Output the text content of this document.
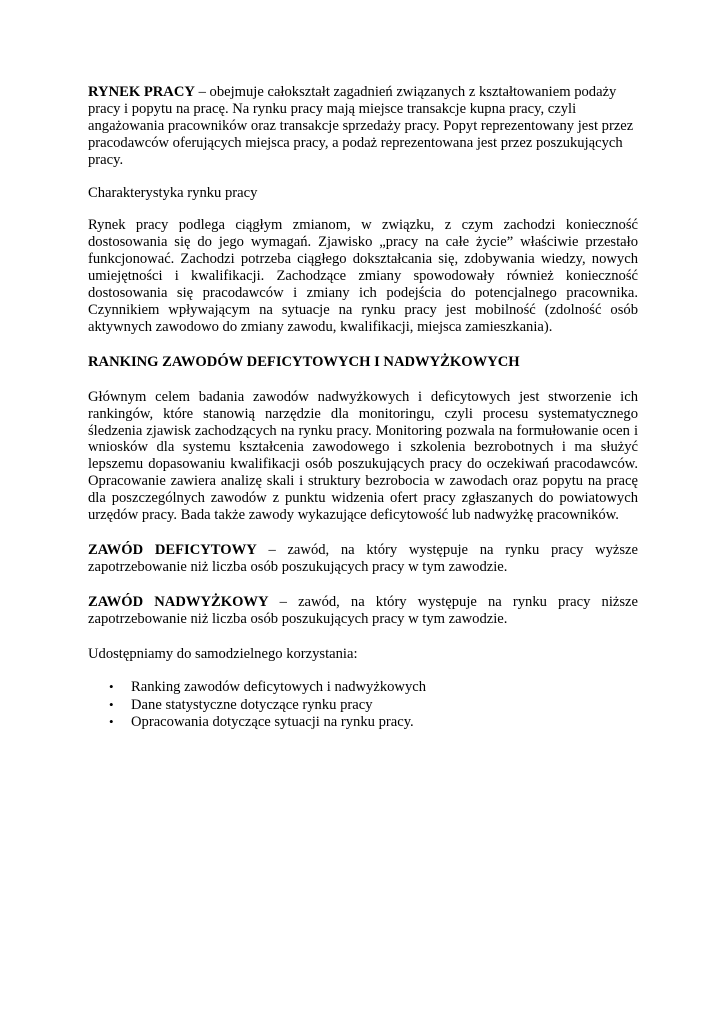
RYNEK PRACY – obejmuje całokształt zagadnień związanych z kształtowaniem podaży pracy i popytu na pracę. Na rynku pracy mają miejsce transakcje kupna pracy, czyli angażowania pracowników oraz transakcje sprzedaży pracy. Popyt reprezentowany jest przez pracodawców oferujących miejsca pracy, a podaż reprezentowana jest przez poszukujących pracy.

Charakterystyka rynku pracy

Rynek pracy podlega ciągłym zmianom, w związku, z czym zachodzi konieczność dostosowania się do jego wymagań. Zjawisko „pracy na całe życie” właściwie przestało funkcjonować. Zachodzi potrzeba ciągłego dokształcania się, zdobywania wiedzy, nowych umiejętności i kwalifikacji. Zachodzące zmiany spowodowały również konieczność dostosowania się pracodawców i zmiany ich podejścia do potencjalnego pracownika. Czynnikiem wpływającym na sytuacje na rynku pracy jest mobilność (zdolność osób aktywnych zawodowo do zmiany zawodu, kwalifikacji, miejsca zamieszkania).

RANKING ZAWODÓW DEFICYTOWYCH I NADWYŻKOWYCH

Głównym celem badania zawodów nadwyżkowych i deficytowych jest stworzenie ich rankingów, które stanowią narzędzie dla monitoringu, czyli procesu systematycznego śledzenia zjawisk zachodzących na rynku pracy. Monitoring pozwala na formułowanie ocen i wniosków dla systemu kształcenia zawodowego i szkolenia bezrobotnych i ma służyć lepszemu dopasowaniu kwalifikacji osób poszukujących pracy do oczekiwań pracodawców. Opracowanie zawiera analizę skali i struktury bezrobocia w zawodach oraz popytu na pracę dla poszczególnych zawodów z punktu widzenia ofert pracy zgłaszanych do powiatowych urzędów pracy. Bada także zawody wykazujące deficytowość lub nadwyżkę pracowników.

ZAWÓD DEFICYTOWY – zawód, na który występuje na rynku pracy wyższe zapotrzebowanie niż liczba osób poszukujących pracy w tym zawodzie.

ZAWÓD NADWYŻKOWY – zawód, na który występuje na rynku pracy niższe zapotrzebowanie niż liczba osób poszukujących pracy w tym zawodzie.

Udostępniamy do samodzielnego korzystania:

• Ranking zawodów deficytowych i nadwyżkowych
• Dane statystyczne dotyczące rynku pracy
• Opracowania dotyczące sytuacji na rynku pracy.
